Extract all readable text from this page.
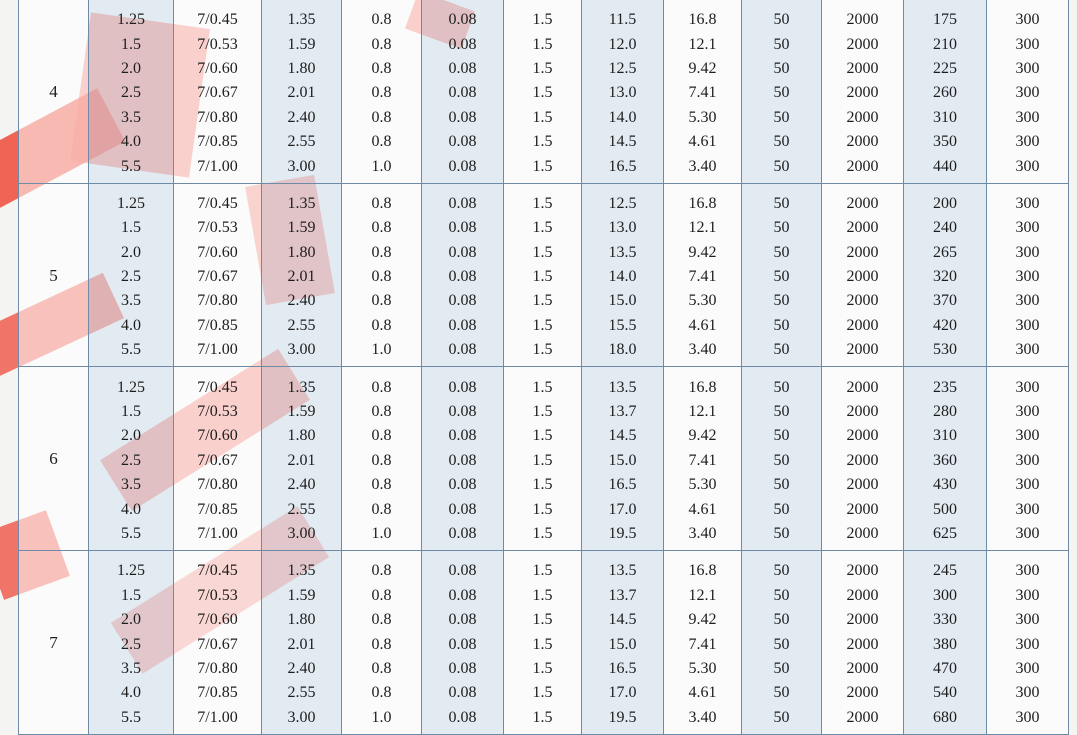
4	1.25	7/0.45	1.35	0.8	0.08	1.5	11.5	16.8	50	2000	175	300
	1.5	7/0.53	1.59	0.8	0.08	1.5	12.0	12.1	50	2000	210	300
	2.0	7/0.60	1.80	0.8	0.08	1.5	12.5	9.42	50	2000	225	300
	2.5	7/0.67	2.01	0.8	0.08	1.5	13.0	7.41	50	2000	260	300
	3.5	7/0.80	2.40	0.8	0.08	1.5	14.0	5.30	50	2000	310	300
	4.0	7/0.85	2.55	0.8	0.08	1.5	14.5	4.61	50	2000	350	300
	5.5	7/1.00	3.00	1.0	0.08	1.5	16.5	3.40	50	2000	440	300
5	1.25	7/0.45	1.35	0.8	0.08	1.5	12.5	16.8	50	2000	200	300
	1.5	7/0.53	1.59	0.8	0.08	1.5	13.0	12.1	50	2000	240	300
	2.0	7/0.60	1.80	0.8	0.08	1.5	13.5	9.42	50	2000	265	300
	2.5	7/0.67	2.01	0.8	0.08	1.5	14.0	7.41	50	2000	320	300
	3.5	7/0.80	2.40	0.8	0.08	1.5	15.0	5.30	50	2000	370	300
	4.0	7/0.85	2.55	0.8	0.08	1.5	15.5	4.61	50	2000	420	300
	5.5	7/1.00	3.00	1.0	0.08	1.5	18.0	3.40	50	2000	530	300
6	1.25	7/0.45	1.35	0.8	0.08	1.5	13.5	16.8	50	2000	235	300
	1.5	7/0.53	1.59	0.8	0.08	1.5	13.7	12.1	50	2000	280	300
	2.0	7/0.60	1.80	0.8	0.08	1.5	14.5	9.42	50	2000	310	300
	2.5	7/0.67	2.01	0.8	0.08	1.5	15.0	7.41	50	2000	360	300
	3.5	7/0.80	2.40	0.8	0.08	1.5	16.5	5.30	50	2000	430	300
	4.0	7/0.85	2.55	0.8	0.08	1.5	17.0	4.61	50	2000	500	300
	5.5	7/1.00	3.00	1.0	0.08	1.5	19.5	3.40	50	2000	625	300
7	1.25	7/0.45	1.35	0.8	0.08	1.5	13.5	16.8	50	2000	245	300
	1.5	7/0.53	1.59	0.8	0.08	1.5	13.7	12.1	50	2000	300	300
	2.0	7/0.60	1.80	0.8	0.08	1.5	14.5	9.42	50	2000	330	300
	2.5	7/0.67	2.01	0.8	0.08	1.5	15.0	7.41	50	2000	380	300
	3.5	7/0.80	2.40	0.8	0.08	1.5	16.5	5.30	50	2000	470	300
	4.0	7/0.85	2.55	0.8	0.08	1.5	17.0	4.61	50	2000	540	300
	5.5	7/1.00	3.00	1.0	0.08	1.5	19.5	3.40	50	2000	680	300
